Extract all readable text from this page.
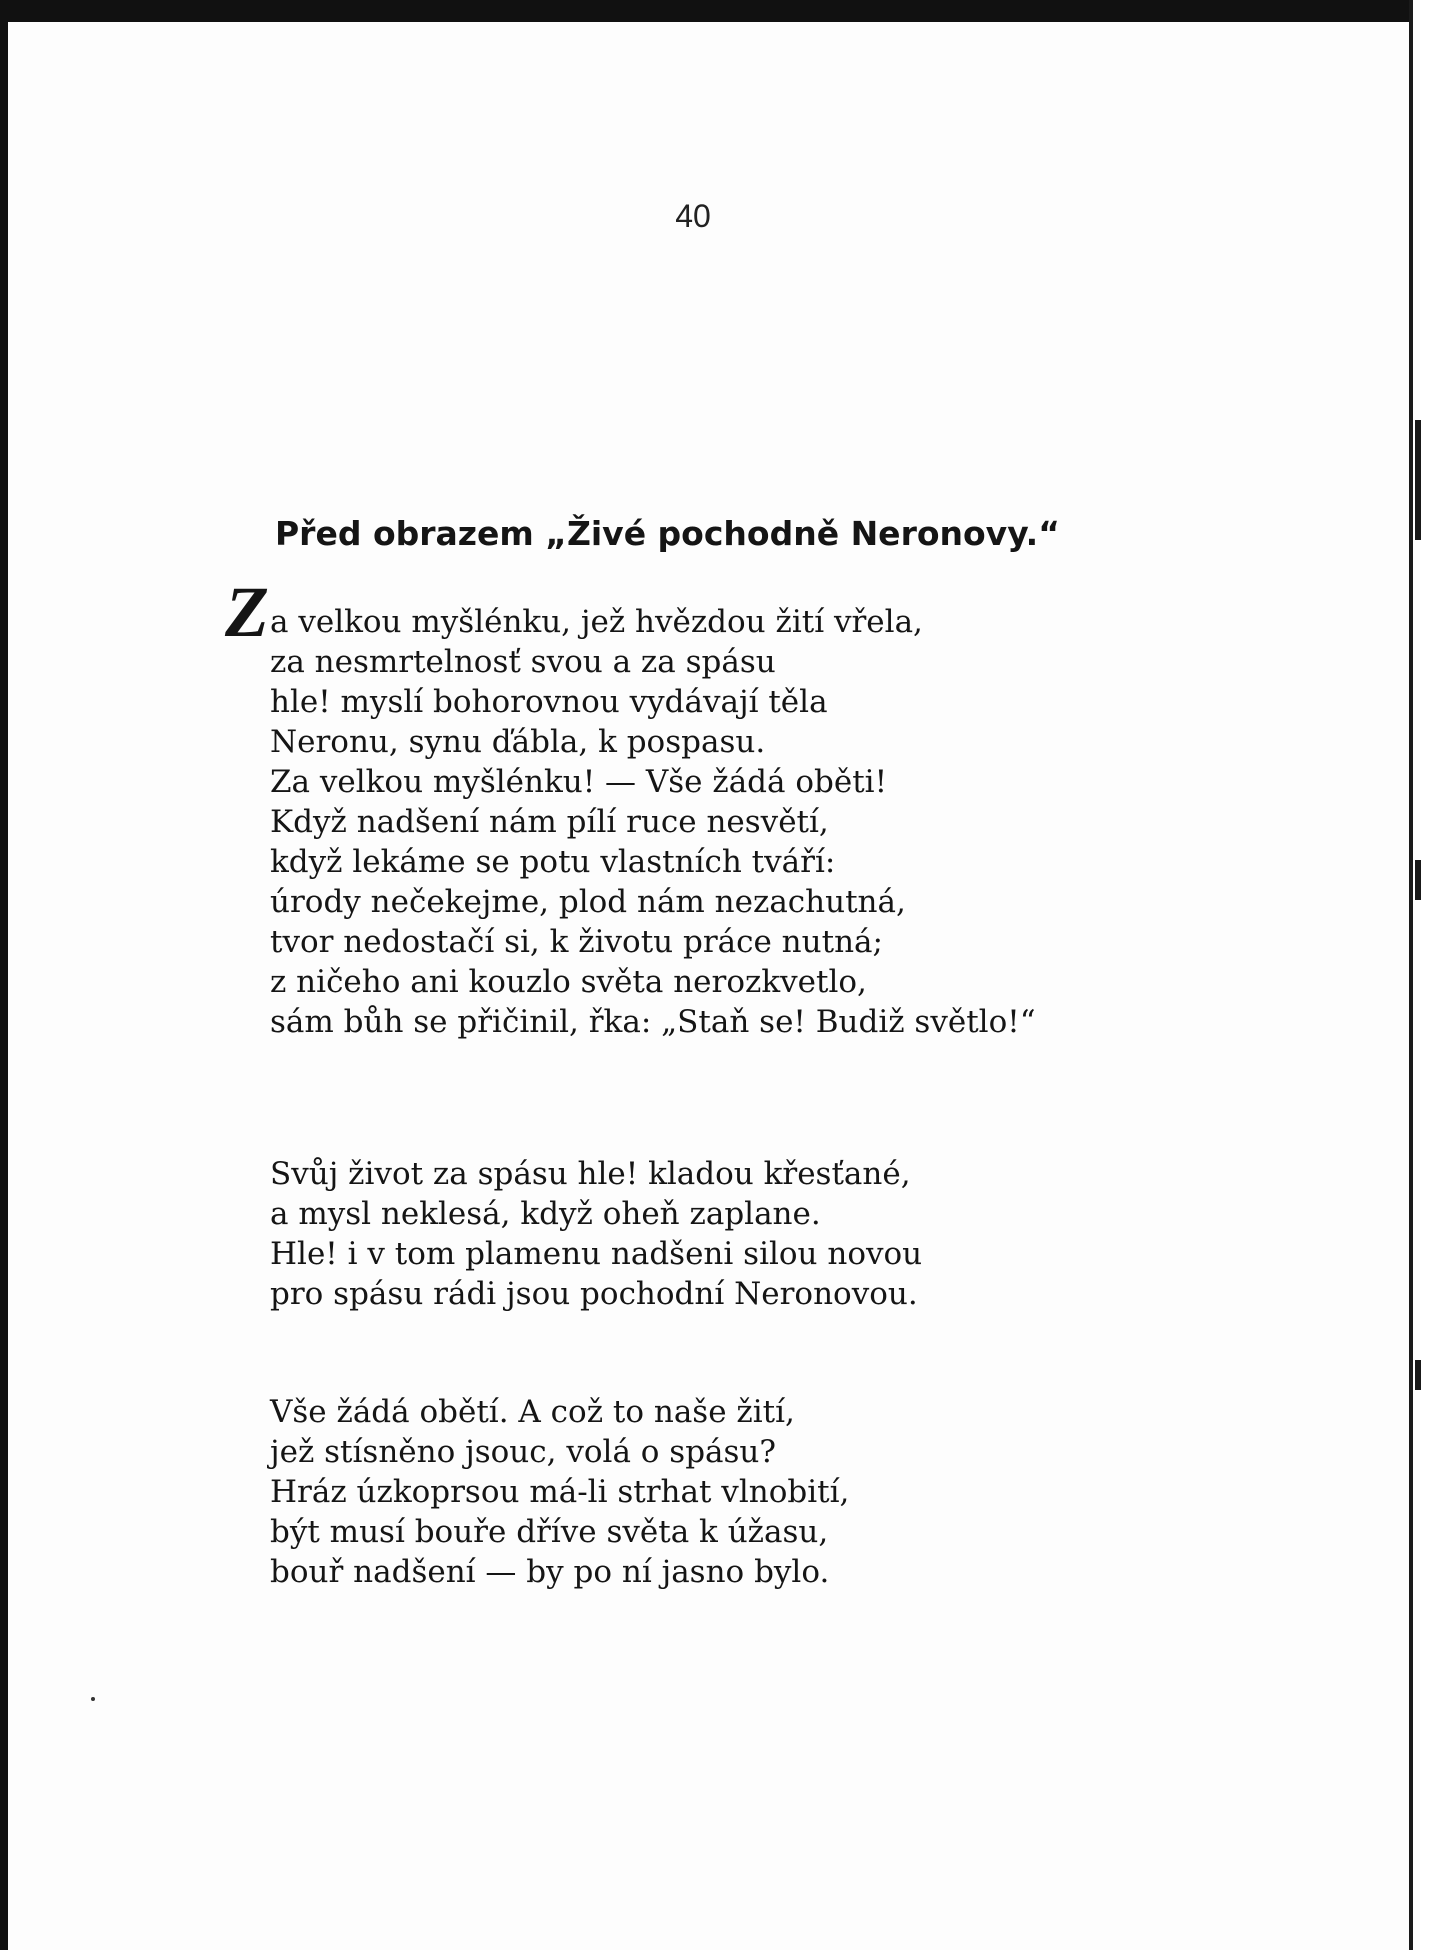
40
Před obrazem „Živé pochodně Neronovy.“
Z a velkou myšlénku, jež hvězdou žití vřela,
za nesmrtelnosť svou a za spásu
hle! myslí bohorovnou vydávají těla
Neronu, synu ďábla, k pospasu.
Za velkou myšlénku! — Vše žádá oběti!
Když nadšení nám pílí ruce nesvětí,
když lekáme se potu vlastních tváří:
úrody nečekejme, plod nám nezachutná,
tvor nedostačí si, k životu práce nutná;
z ničeho ani kouzlo světa nerozkvetlo,
sám bůh se přičinil, řka: „Staň se! Budiž světlo!“
Svůj život za spásu hle! kladou křesťané,
a mysl neklesá, když oheň zaplane.
Hle! i v tom plamenu nadšeni silou novou
pro spásu rádi jsou pochodní Neronovou.
Vše žádá obětí. A což to naše žití,
jež stísněno jsouc, volá o spásu?
Hráz úzkoprsou má-li strhat vlnobití,
být musí bouře dříve světa k úžasu,
bouř nadšení — by po ní jasno bylo.
